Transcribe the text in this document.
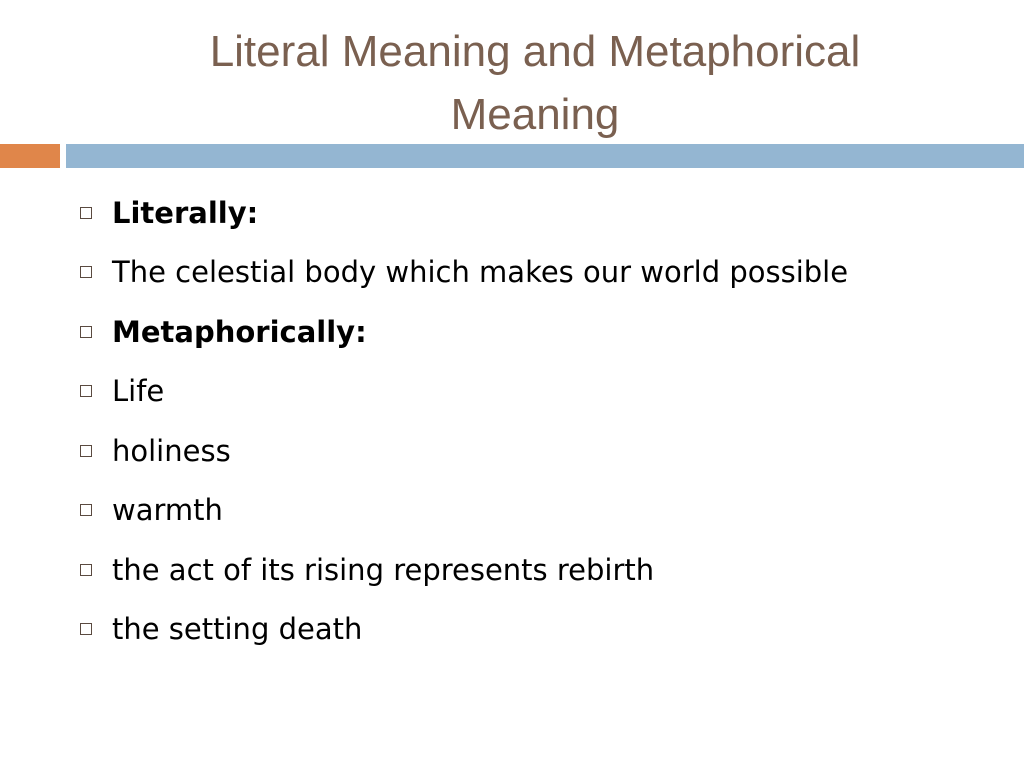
Literal Meaning and Metaphorical
Meaning
Literally:
The celestial body which makes our world possible
Metaphorically:
Life
holiness
warmth
the act of its rising represents rebirth
the setting death
